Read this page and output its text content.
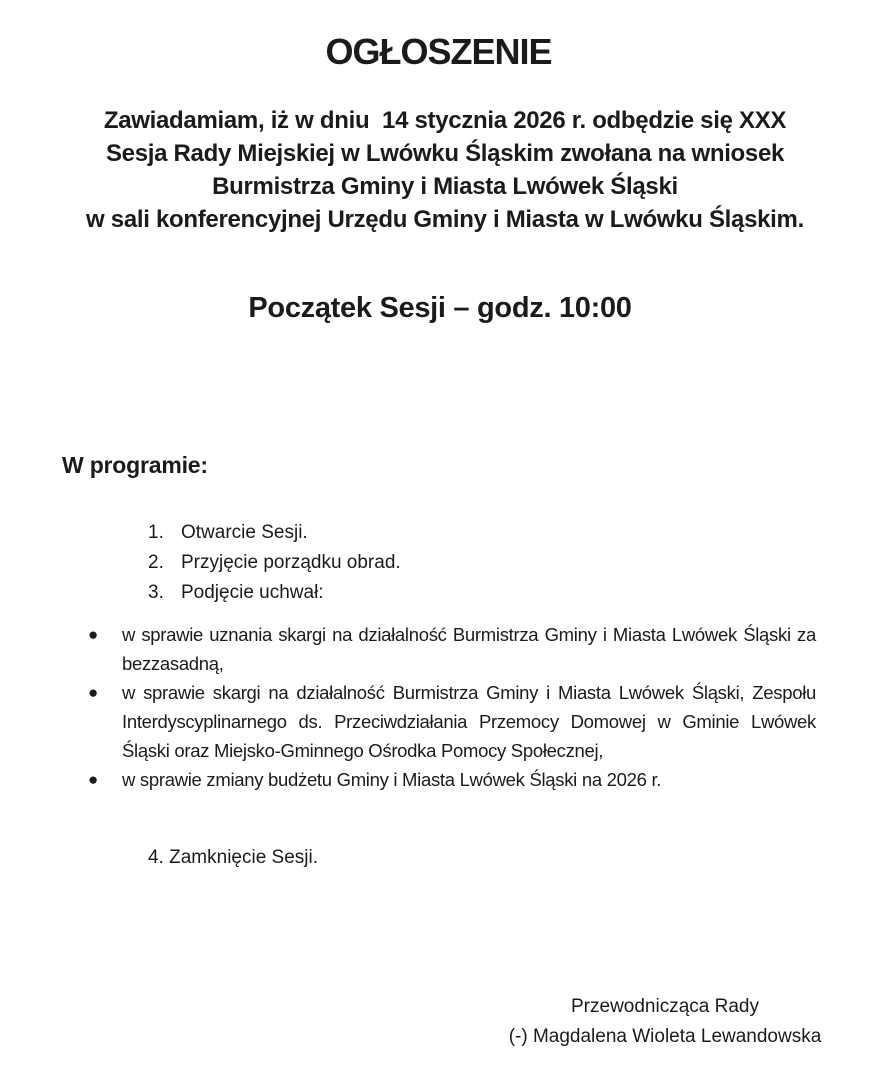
OGŁOSZENIE
Zawiadamiam, iż w dniu  14 stycznia 2026 r. odbędzie się XXX
Sesja Rady Miejskiej w Lwówku Śląskim zwołana na wniosek
Burmistrza Gminy i Miasta Lwówek Śląski
w sali konferencyjnej Urzędu Gminy i Miasta w Lwówku Śląskim.
Początek Sesji – godz. 10:00
W programie:
1. Otwarcie Sesji.
2. Przyjęcie porządku obrad.
3. Podjęcie uchwał:
●	w sprawie uznania skargi na działalność Burmistrza Gminy i Miasta Lwówek Śląski za bezzasadną,
●	w sprawie skargi na działalność Burmistrza Gminy i Miasta Lwówek Śląski, Zespołu Interdyscyplinarnego ds. Przeciwdziałania Przemocy Domowej w Gminie Lwówek Śląski oraz Miejsko-Gminnego Ośrodka Pomocy Społecznej,
●	w sprawie zmiany budżetu Gminy i Miasta Lwówek Śląski na 2026 r.
4. Zamknięcie Sesji.
Przewodnicząca Rady
(-) Magdalena Wioleta Lewandowska
